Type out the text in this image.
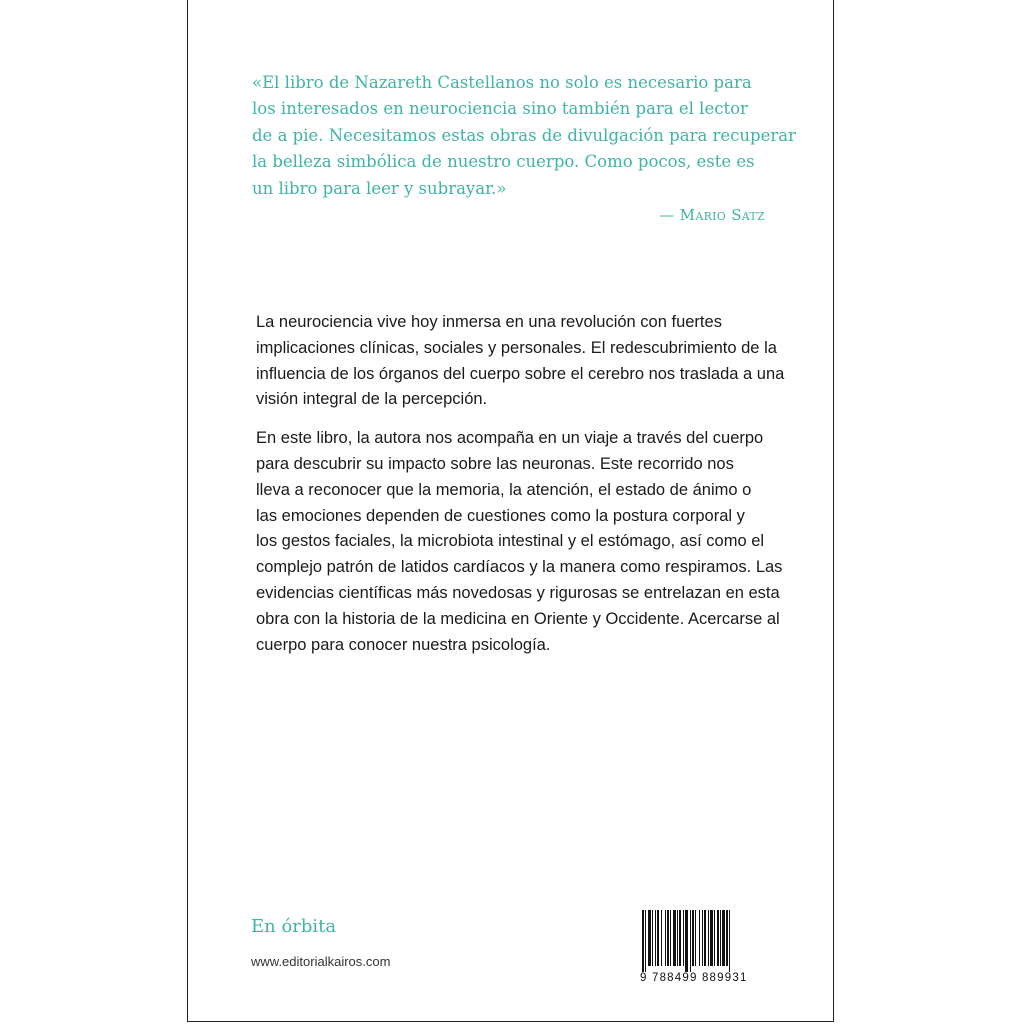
«El libro de Nazareth Castellanos no solo es necesario para
los interesados en neurociencia sino también para el lector
de a pie. Necesitamos estas obras de divulgación para recuperar
la belleza simbólica de nuestro cuerpo. Como pocos, este es
un libro para leer y subrayar.»
— Mario Satz
La neurociencia vive hoy inmersa en una revolución con fuertes
implicaciones clínicas, sociales y personales. El redescubrimiento de la
influencia de los órganos del cuerpo sobre el cerebro nos traslada a una
visión integral de la percepción.
En este libro, la autora nos acompaña en un viaje a través del cuerpo
para descubrir su impacto sobre las neuronas. Este recorrido nos
lleva a reconocer que la memoria, la atención, el estado de ánimo o
las emociones dependen de cuestiones como la postura corporal y
los gestos faciales, la microbiota intestinal y el estómago, así como el
complejo patrón de latidos cardíacos y la manera como respiramos. Las
evidencias científicas más novedosas y rigurosas se entrelazan en esta
obra con la historia de la medicina en Oriente y Occidente. Acercarse al
cuerpo para conocer nuestra psicología.
En órbita
www.editorialkairos.com
9 788499 889931
